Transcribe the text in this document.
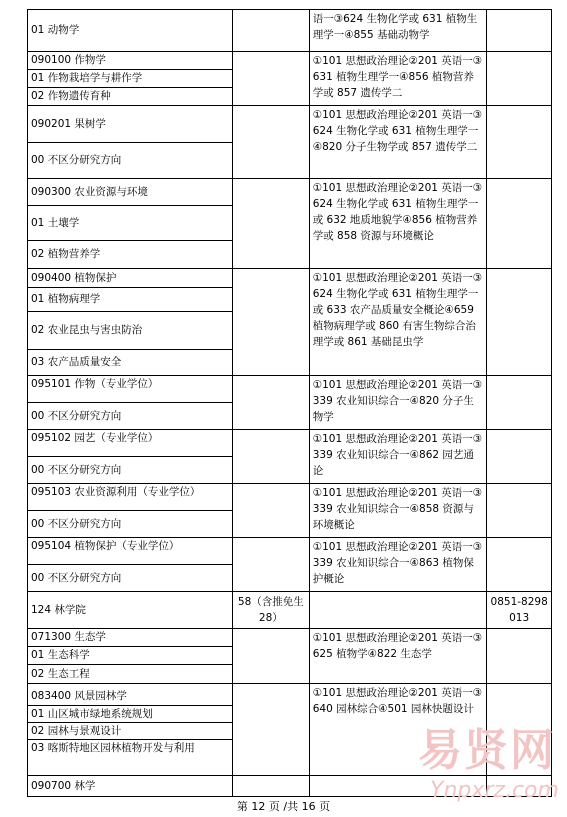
01 动物学		语一③624 生物化学或 631 植物生理学一④855 基础动物学	

090100 作物学
01 作物栽培学与耕作学
02 作物遗传育种		①101 思想政治理论②201 英语一③631 植物生理学一④856 植物营养学或 857 遗传学二	

090201 果树学
00 不区分研究方向		①101 思想政治理论②201 英语一③624 生物化学或 631 植物生理学一④820 分子生物学或 857 遗传学二	

090300 农业资源与环境
01 土壤学
02 植物营养学		①101 思想政治理论②201 英语一③624 生物化学或 631 植物生理学一或 632 地质地貌学④856 植物营养学或 858 资源与环境概论	

090400 植物保护
01 植物病理学
02 农业昆虫与害虫防治
03 农产品质量安全		①101 思想政治理论②201 英语一③624 生物化学或 631 植物生理学一或 633 农产品质量安全概论④659 植物病理学或 860 有害生物综合治理学或 861 基础昆虫学	

095101 作物（专业学位）
00 不区分研究方向		①101 思想政治理论②201 英语一③339 农业知识综合一④820 分子生物学	

095102 园艺（专业学位）
00 不区分研究方向		①101 思想政治理论②201 英语一③339 农业知识综合一④862 园艺通论	

095103 农业资源利用（专业学位）
00 不区分研究方向		①101 思想政治理论②201 英语一③339 农业知识综合一④858 资源与环境概论	

095104 植物保护（专业学位）
00 不区分研究方向		①101 思想政治理论②201 英语一③339 农业知识综合一④863 植物保护概论	

124 林学院	58（含推免生 28）		0851-8298013

071300 生态学
01 生态科学
02 生态工程		①101 思想政治理论②201 英语一③625 植物学④822 生态学	

083400 风景园林学
01 山区城市绿地系统规划
02 园林与景观设计
03 喀斯特地区园林植物开发与利用		①101 思想政治理论②201 英语一③640 园林综合④501 园林快题设计	

090700 林学			

第 12 页 /共 16 页
易贤网
Ynpxrz.com
